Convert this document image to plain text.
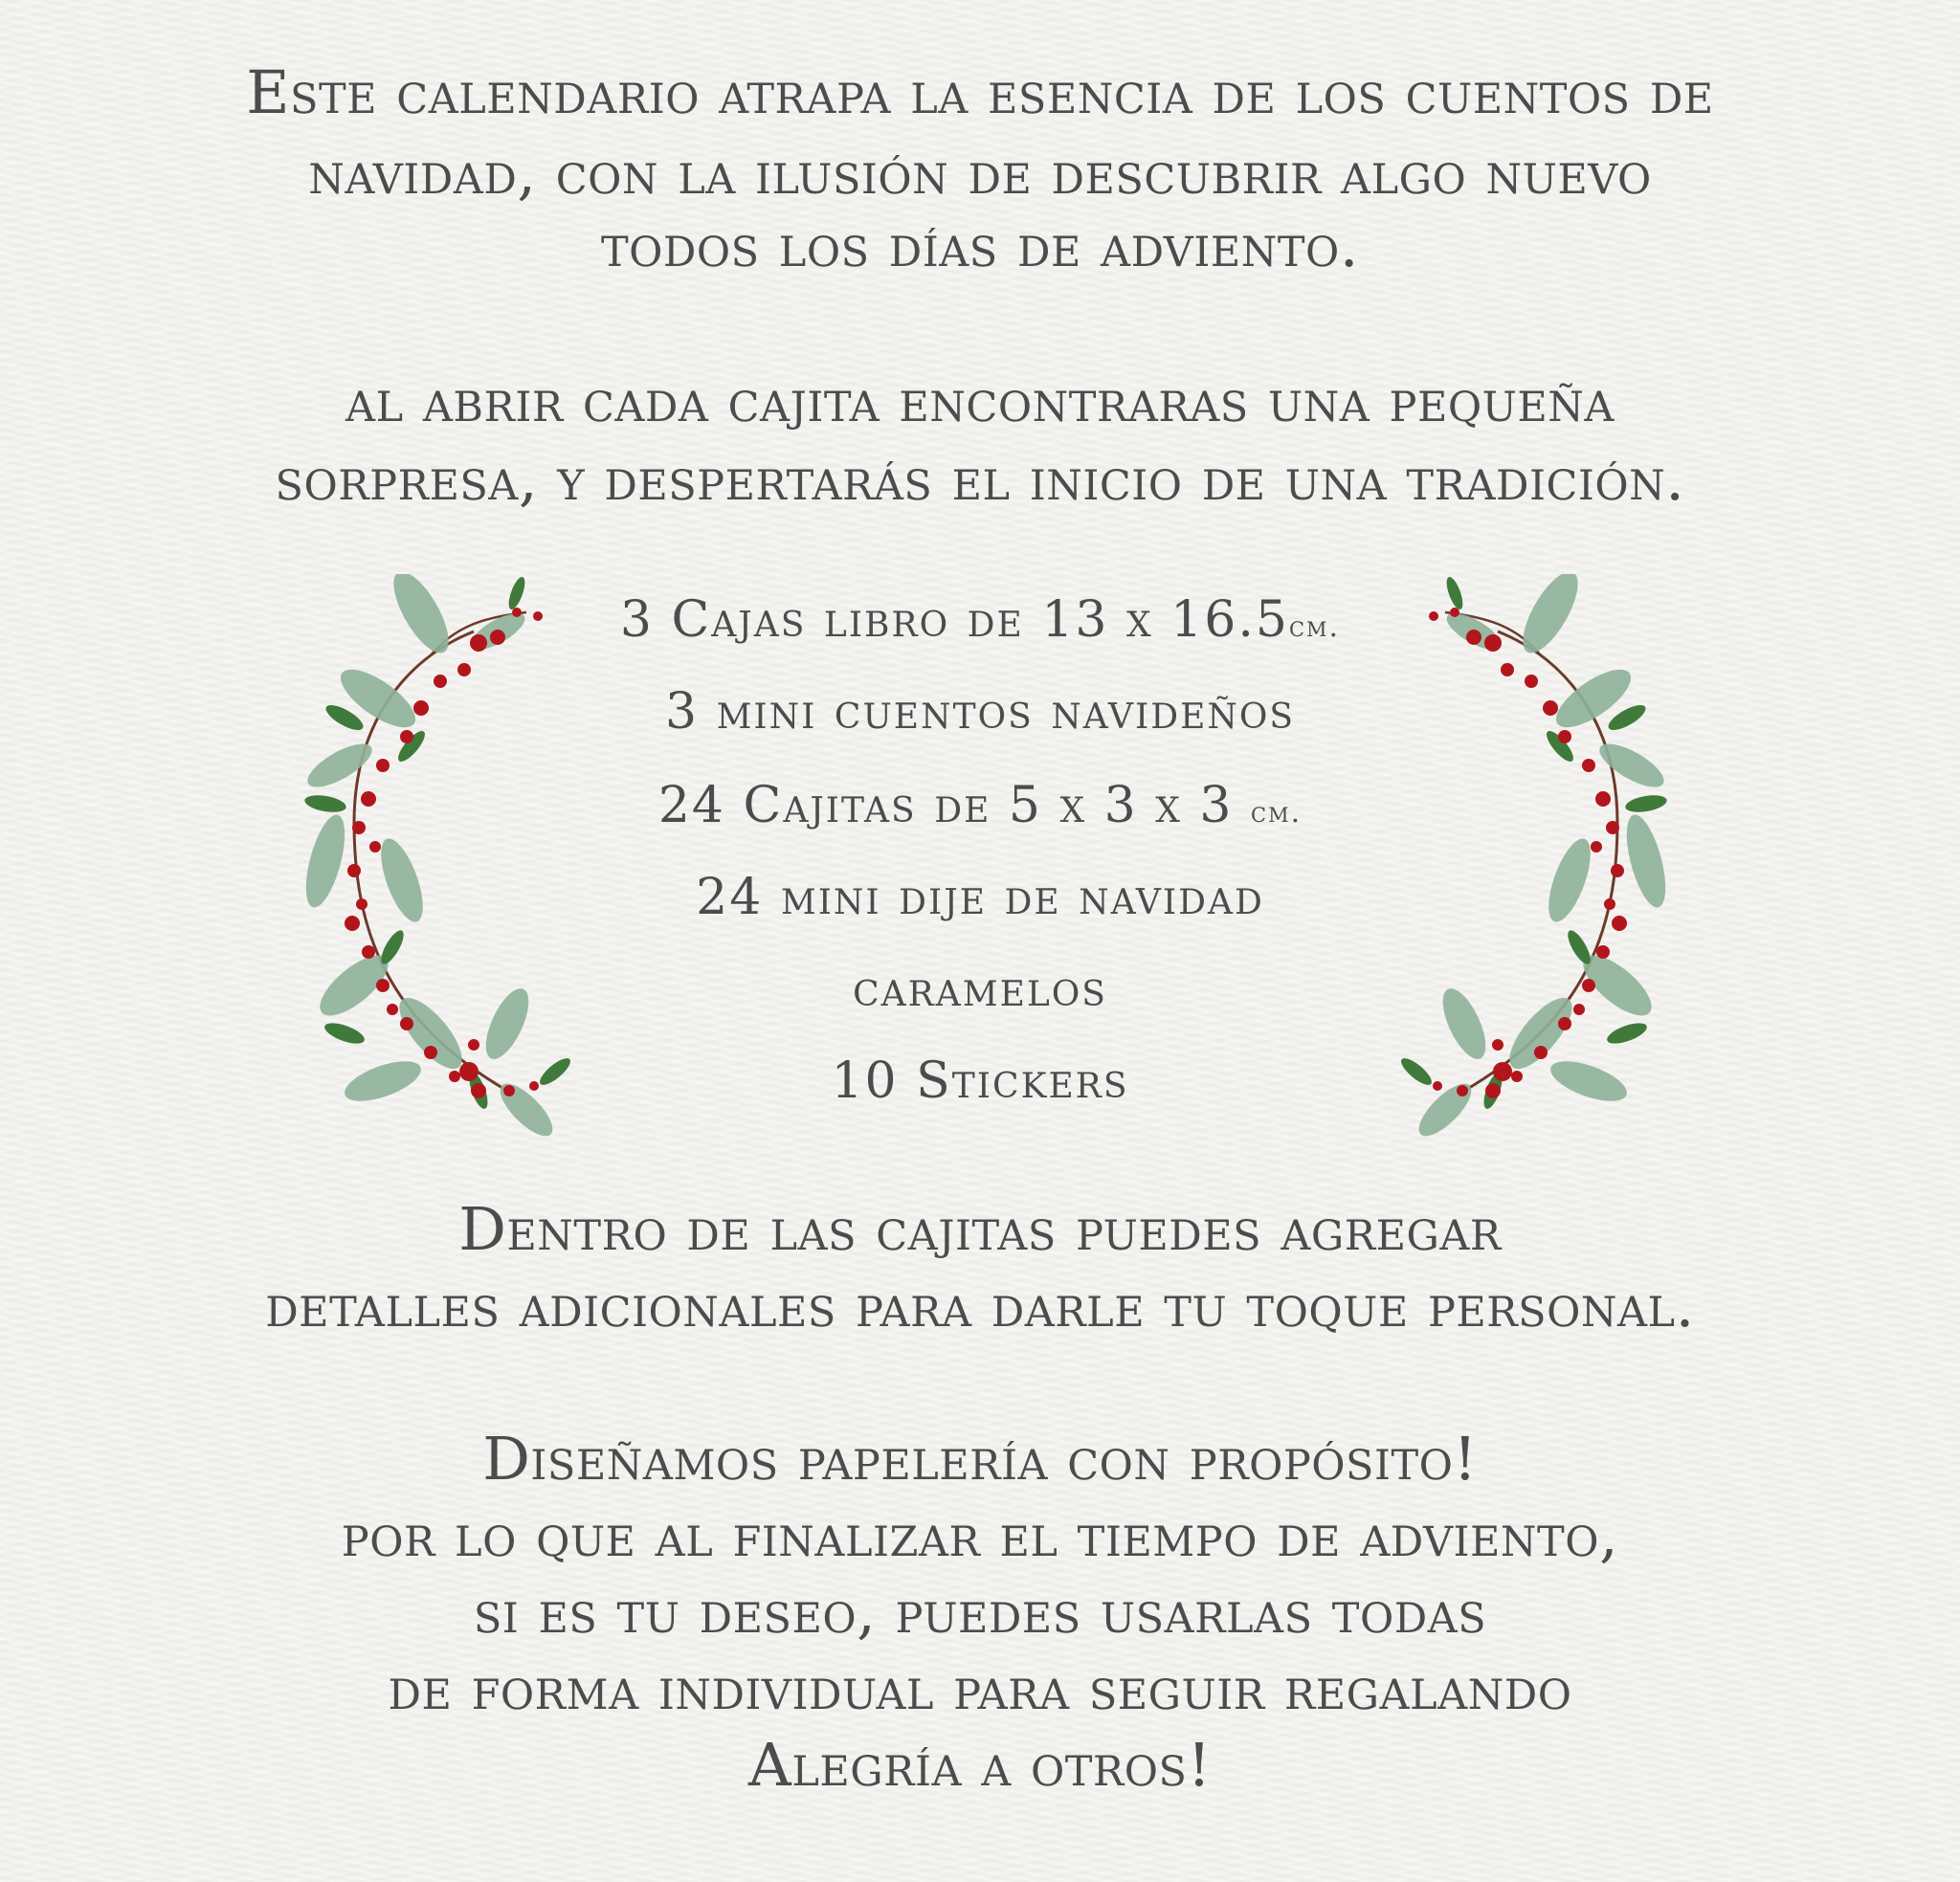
Este calendario atrapa la esencia de los cuentos de
navidad, con la ilusión de descubrir algo nuevo
todos los días de adviento.
al abrir cada cajita encontraras una pequeña
sorpresa, y despertarás el inicio de una tradición.
3 Cajas libro de 13 x 16.5cm.
3 mini cuentos navideños
24 Cajitas de 5 x 3 x 3 cm.
24 mini dije de navidad
caramelos
10 Stickers
Dentro de las cajitas puedes agregar
detalles adicionales para darle tu toque personal.
Diseñamos papelería con propósito!
por lo que al finalizar el tiempo de adviento,
si es tu deseo, puedes usarlas todas
de forma individual para seguir regalando
Alegría a otros!
